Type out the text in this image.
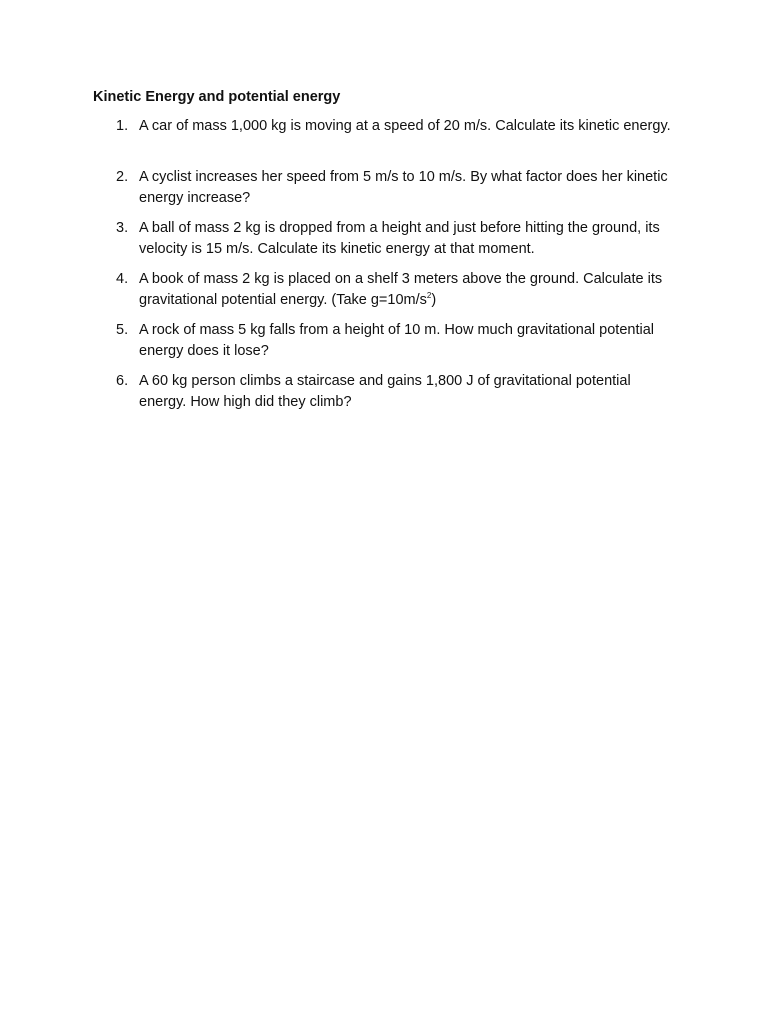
Kinetic Energy and potential energy
1. A car of mass 1,000 kg is moving at a speed of 20 m/s. Calculate its kinetic energy.
2. A cyclist increases her speed from 5 m/s to 10 m/s. By what factor does her kinetic energy increase?
3. A ball of mass 2 kg is dropped from a height and just before hitting the ground, its velocity is 15 m/s. Calculate its kinetic energy at that moment.
4. A book of mass 2 kg is placed on a shelf 3 meters above the ground. Calculate its gravitational potential energy. (Take $g=10m/s^2$)
5. A rock of mass 5 kg falls from a height of 10 m. How much gravitational potential energy does it lose?
6. A 60 kg person climbs a staircase and gains 1,800 J of gravitational potential energy. How high did they climb?
